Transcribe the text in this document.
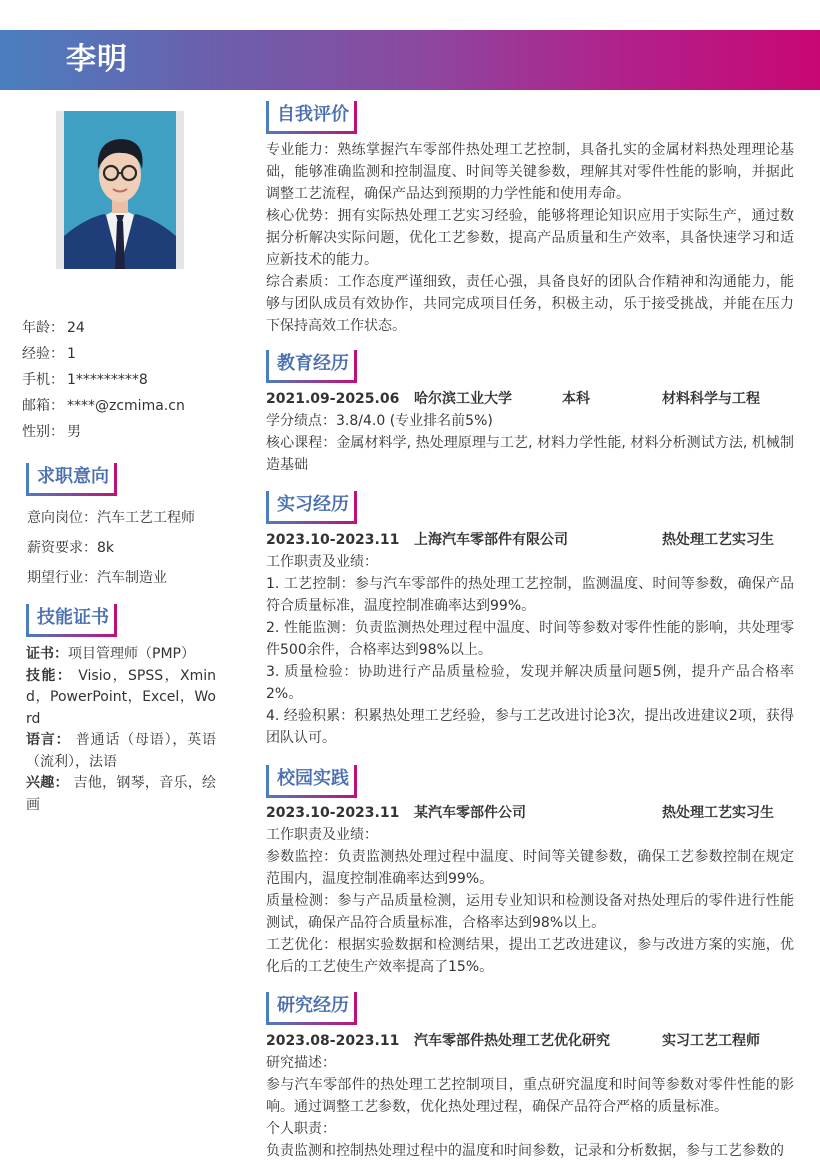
李明
年龄： 24
经验： 1
手机： 1*********8
邮箱： ****@zcmima.cn
性别： 男
求职意向
意向岗位：汽车工艺工程师
薪资要求：8k
期望行业：汽车制造业
技能证书

证书：项目管理师（PMP）

技能： Visio，SPSS，Xmind，PowerPoint，Excel，Word

语言： 普通话（母语），英语（流利），法语

兴趣： 吉他，钢琴，音乐，绘画

自我评价

专业能力：熟练掌握汽车零部件热处理工艺控制，具备扎实的金属材料热处理理论基础，能够准确监测和控制温度、时间等关键参数，理解其对零件性能的影响，并据此调整工艺流程，确保产品达到预期的力学性能和使用寿命。

核心优势：拥有实际热处理工艺实习经验，能够将理论知识应用于实际生产，通过数据分析解决实际问题，优化工艺参数，提高产品质量和生产效率，具备快速学习和适应新技术的能力。

综合素质：工作态度严谨细致，责任心强，具备良好的团队合作精神和沟通能力，能够与团队成员有效协作，共同完成项目任务，积极主动，乐于接受挑战，并能在压力下保持高效工作状态。

教育经历
2021.09-2025.06 哈尔滨工业大学	本科	材料科学与工程

学分绩点：3.8/4.0 (专业排名前5%)

核心课程：金属材料学, 热处理原理与工艺, 材料力学性能, 材料分析测试方法, 机械制造基础

实习经历
2023.10-2023.11 上海汽车零部件有限公司	热处理工艺实习生

工作职责及业绩：

1. 工艺控制：参与汽车零部件的热处理工艺控制，监测温度、时间等参数，确保产品符合质量标准，温度控制准确率达到99%。

2. 性能监测：负责监测热处理过程中温度、时间等参数对零件性能的影响，共处理零件500余件，合格率达到98%以上。

3. 质量检验：协助进行产品质量检验，发现并解决质量问题5例，提升产品合格率2%。

4. 经验积累：积累热处理工艺经验，参与工艺改进讨论3次，提出改进建议2项，获得团队认可。

校园实践
2023.10-2023.11 某汽车零部件公司	热处理工艺实习生

工作职责及业绩：

参数监控：负责监测热处理过程中温度、时间等关键参数，确保工艺参数控制在规定范围内，温度控制准确率达到99%。

质量检测：参与产品质量检测，运用专业知识和检测设备对热处理后的零件进行性能测试，确保产品符合质量标准，合格率达到98%以上。

工艺优化：根据实验数据和检测结果，提出工艺改进建议，参与改进方案的实施，优化后的工艺使生产效率提高了15%。

研究经历
2023.08-2023.11 汽车零部件热处理工艺优化研究	实习工艺工程师

研究描述：

参与汽车零部件的热处理工艺控制项目，重点研究温度和时间等参数对零件性能的影响。通过调整工艺参数，优化热处理过程，确保产品符合严格的质量标准。

个人职责：

负责监测和控制热处理过程中的温度和时间参数，记录和分析数据，参与工艺参数的
